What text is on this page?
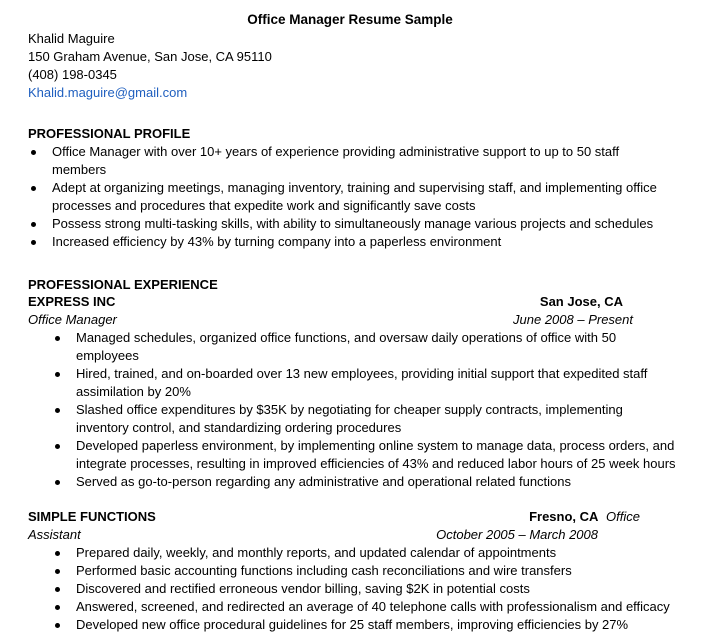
Office Manager Resume Sample
Khalid Maguire
150 Graham Avenue, San Jose, CA 95110
(408) 198-0345
Khalid.maguire@gmail.com
PROFESSIONAL PROFILE
Office Manager with over 10+ years of experience providing administrative support to up to 50 staff
members
Adept at organizing meetings, managing inventory, training and supervising staff, and implementing office
processes and procedures that expedite work and significantly save costs
Possess strong multi-tasking skills, with ability to simultaneously manage various projects and schedules
Increased efficiency by 43% by turning company into a paperless environment
PROFESSIONAL EXPERIENCE
EXPRESS INC	San Jose, CA
Office Manager	June 2008 – Present
Managed schedules, organized office functions, and oversaw daily operations of office with 50
employees
Hired, trained, and on-boarded over 13 new employees, providing initial support that expedited staff
assimilation by 20%
Slashed office expenditures by $35K by negotiating for cheaper supply contracts, implementing
inventory control, and standardizing ordering procedures
Developed paperless environment, by implementing online system to manage data, process orders, and
integrate processes, resulting in improved efficiencies of 43% and reduced labor hours of 25 week hours
Served as go-to-person regarding any administrative and operational related functions
SIMPLE FUNCTIONS	Fresno, CA Office
Assistant	October 2005 – March 2008
Prepared daily, weekly, and monthly reports, and updated calendar of appointments
Performed basic accounting functions including cash reconciliations and wire transfers
Discovered and rectified erroneous vendor billing, saving $2K in potential costs
Answered, screened, and redirected an average of 40 telephone calls with professionalism and efficacy
Developed new office procedural guidelines for 25 staff members, improving efficiencies by 27%
